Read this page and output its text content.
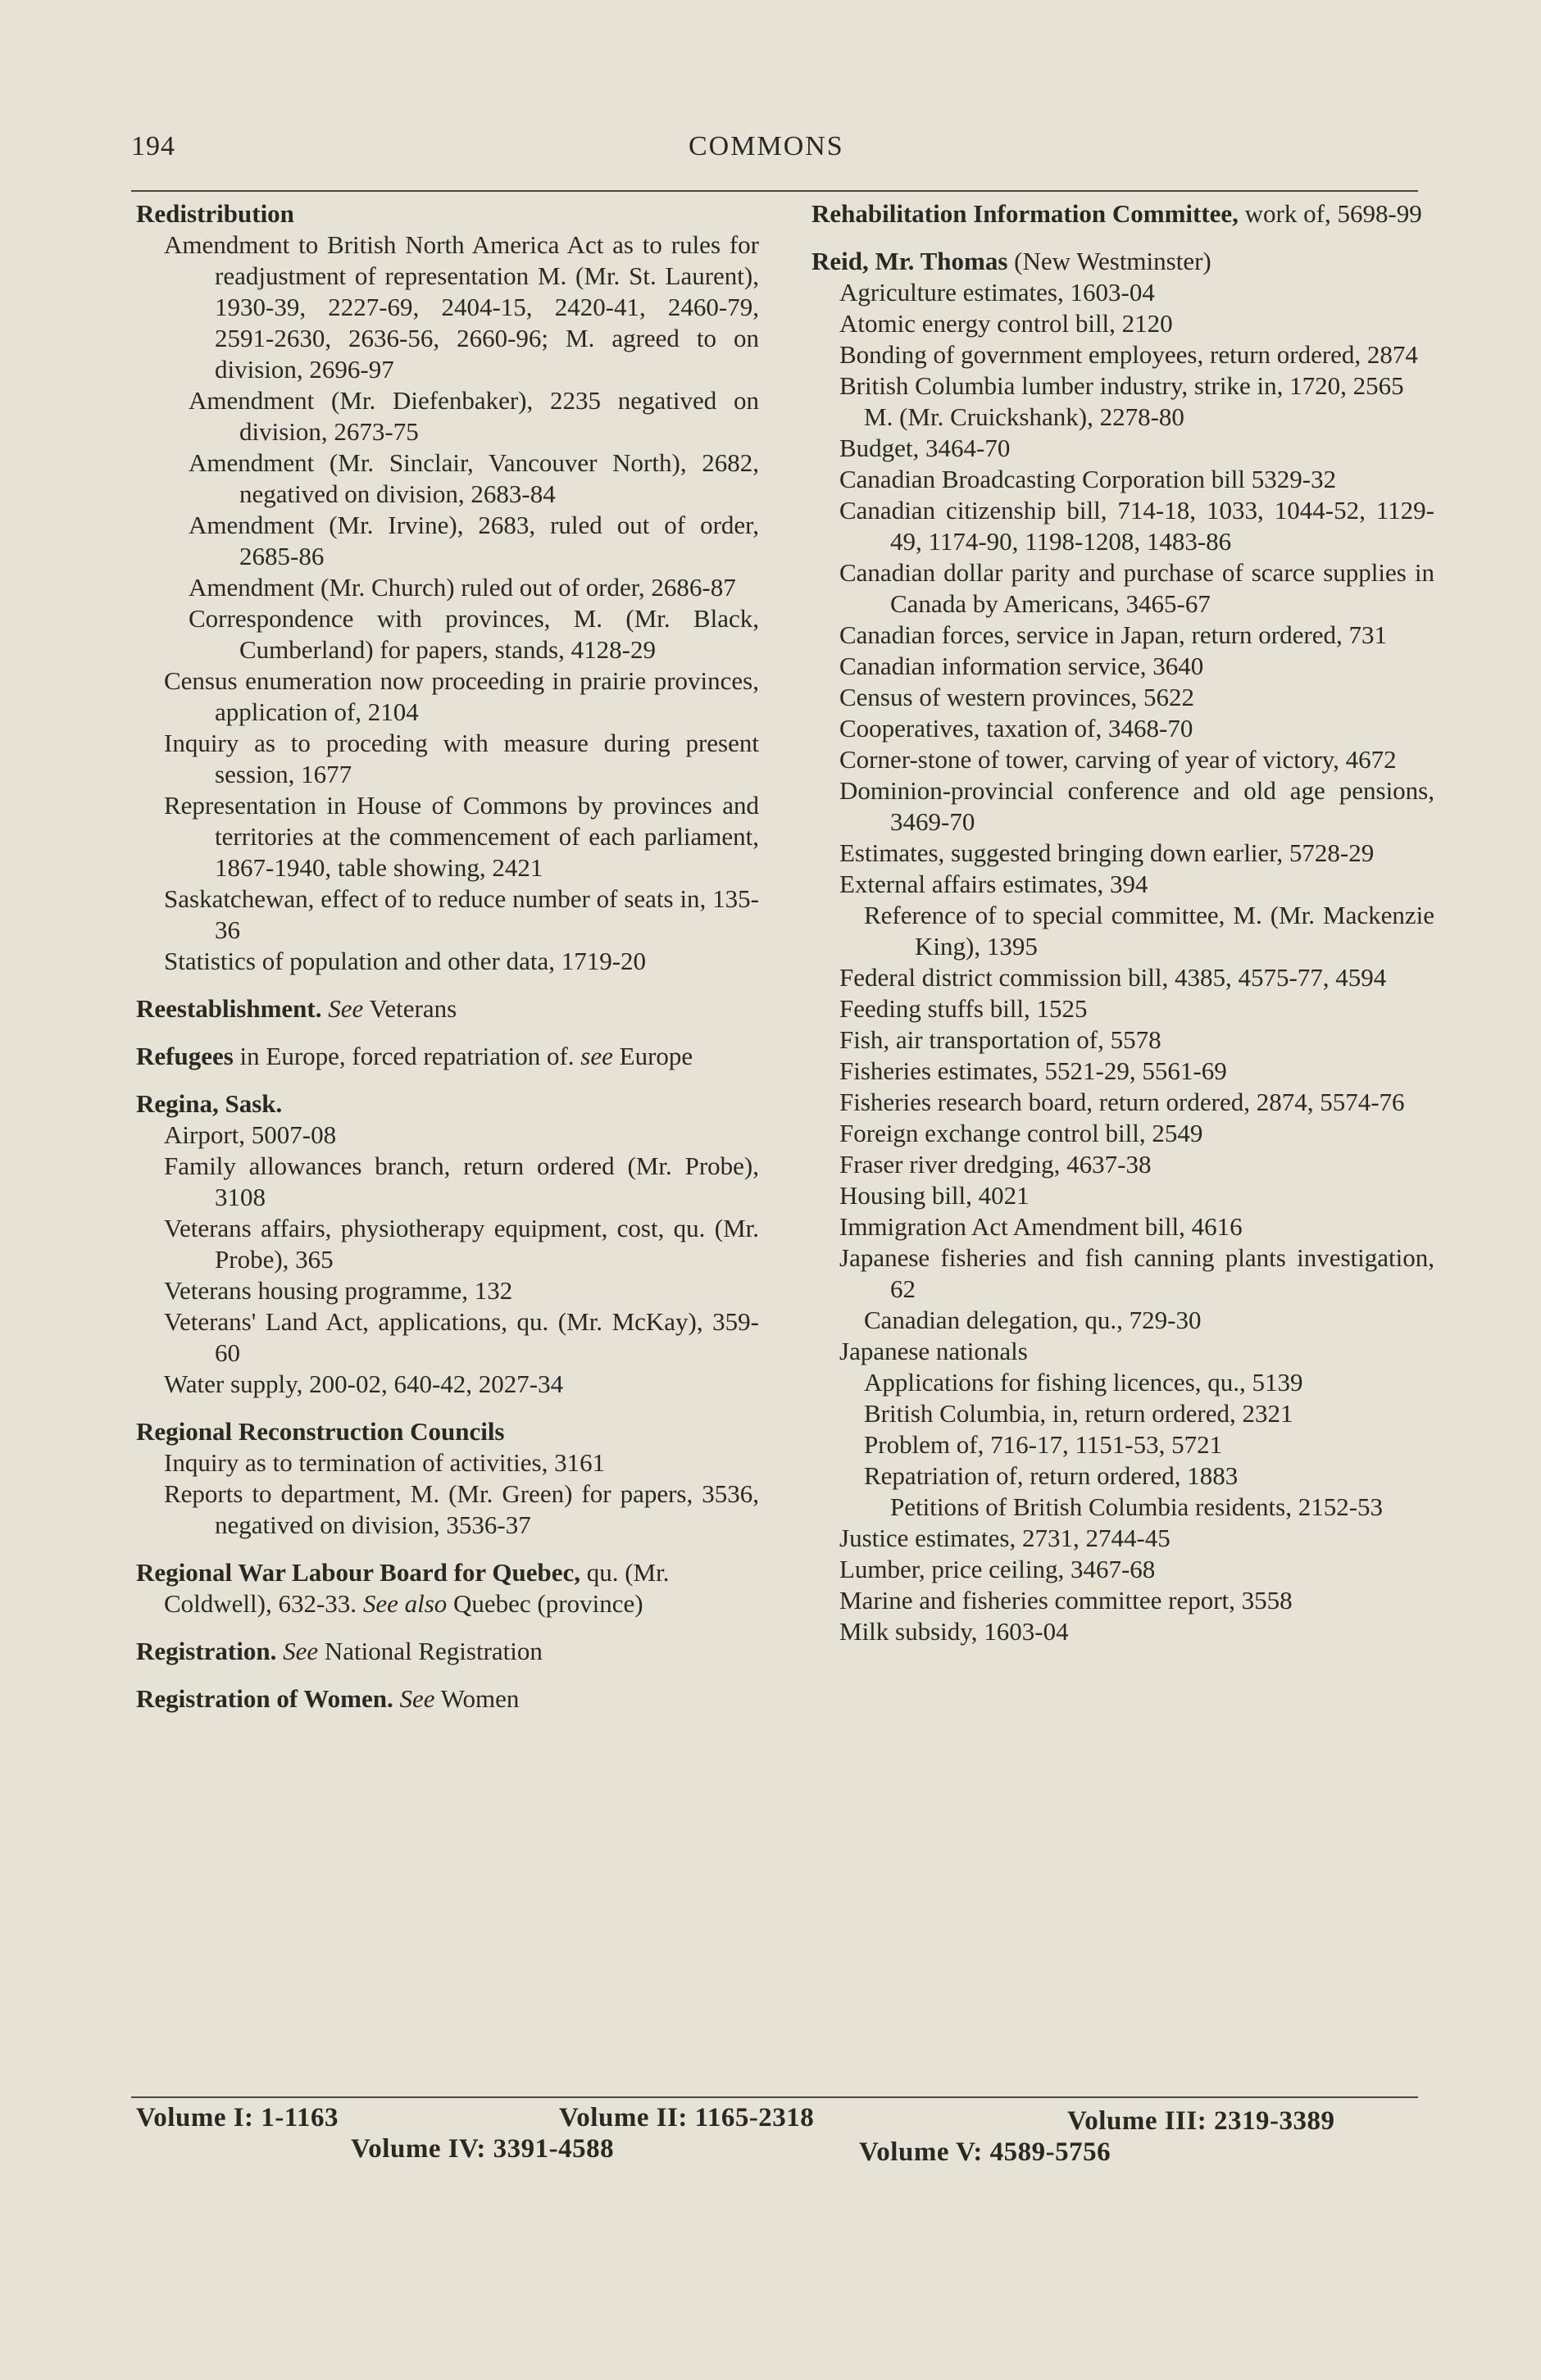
194	COMMONS

Redistribution

Amendment to British North America Act as to rules for readjustment of representation M. (Mr. St. Laurent), 1930-39, 2227-69, 2404-15, 2420-41, 2460-79, 2591-2630, 2636-56, 2660-96; M. agreed to on division, 2696-97

Amendment (Mr. Diefenbaker), 2235 negatived on division, 2673-75

Amendment (Mr. Sinclair, Vancouver North), 2682, negatived on division, 2683-84

Amendment (Mr. Irvine), 2683, ruled out of order, 2685-86

Amendment (Mr. Church) ruled out of order, 2686-87

Correspondence with provinces, M. (Mr. Black, Cumberland) for papers, stands, 4128-29

Census enumeration now proceeding in prairie provinces, application of, 2104

Inquiry as to proceding with measure during present session, 1677

Representation in House of Commons by provinces and territories at the commencement of each parliament, 1867-1940, table showing, 2421

Saskatchewan, effect of to reduce number of seats in, 135-36

Statistics of population and other data, 1719-20

Reestablishment. See Veterans

Refugees in Europe, forced repatriation of. see Europe

Regina, Sask.

Airport, 5007-08

Family allowances branch, return ordered (Mr. Probe), 3108

Veterans affairs, physiotherapy equipment, cost, qu. (Mr. Probe), 365

Veterans housing programme, 132

Veterans' Land Act, applications, qu. (Mr. McKay), 359-60

Water supply, 200-02, 640-42, 2027-34

Regional Reconstruction Councils

Inquiry as to termination of activities, 3161

Reports to department, M. (Mr. Green) for papers, 3536, negatived on division, 3536-37

Regional War Labour Board for Quebec, qu. (Mr. Coldwell), 632-33. See also Quebec (province)

Registration. See National Registration

Registration of Women. See Women

Rehabilitation Information Committee, work of, 5698-99

Reid, Mr. Thomas (New Westminster)

Agriculture estimates, 1603-04

Atomic energy control bill, 2120

Bonding of government employees, return ordered, 2874

British Columbia lumber industry, strike in, 1720, 2565

M. (Mr. Cruickshank), 2278-80

Budget, 3464-70

Canadian Broadcasting Corporation bill 5329-32

Canadian citizenship bill, 714-18, 1033, 1044-52, 1129-49, 1174-90, 1198-1208, 1483-86

Canadian dollar parity and purchase of scarce supplies in Canada by Americans, 3465-67

Canadian forces, service in Japan, return ordered, 731

Canadian information service, 3640

Census of western provinces, 5622

Cooperatives, taxation of, 3468-70

Corner-stone of tower, carving of year of victory, 4672

Dominion-provincial conference and old age pensions, 3469-70

Estimates, suggested bringing down earlier, 5728-29

External affairs estimates, 394

Reference of to special committee, M. (Mr. Mackenzie King), 1395

Federal district commission bill, 4385, 4575-77, 4594

Feeding stuffs bill, 1525

Fish, air transportation of, 5578

Fisheries estimates, 5521-29, 5561-69

Fisheries research board, return ordered, 2874, 5574-76

Foreign exchange control bill, 2549

Fraser river dredging, 4637-38

Housing bill, 4021

Immigration Act Amendment bill, 4616

Japanese fisheries and fish canning plants investigation, 62

Canadian delegation, qu., 729-30

Japanese nationals

Applications for fishing licences, qu., 5139

British Columbia, in, return ordered, 2321

Problem of, 716-17, 1151-53, 5721

Repatriation of, return ordered, 1883

Petitions of British Columbia residents, 2152-53

Justice estimates, 2731, 2744-45

Lumber, price ceiling, 3467-68

Marine and fisheries committee report, 3558

Milk subsidy, 1603-04

Volume I: 1-1163	Volume II: 1165-2318	Volume III: 2319-3389
Volume IV: 3391-4588	Volume V: 4589-5756
